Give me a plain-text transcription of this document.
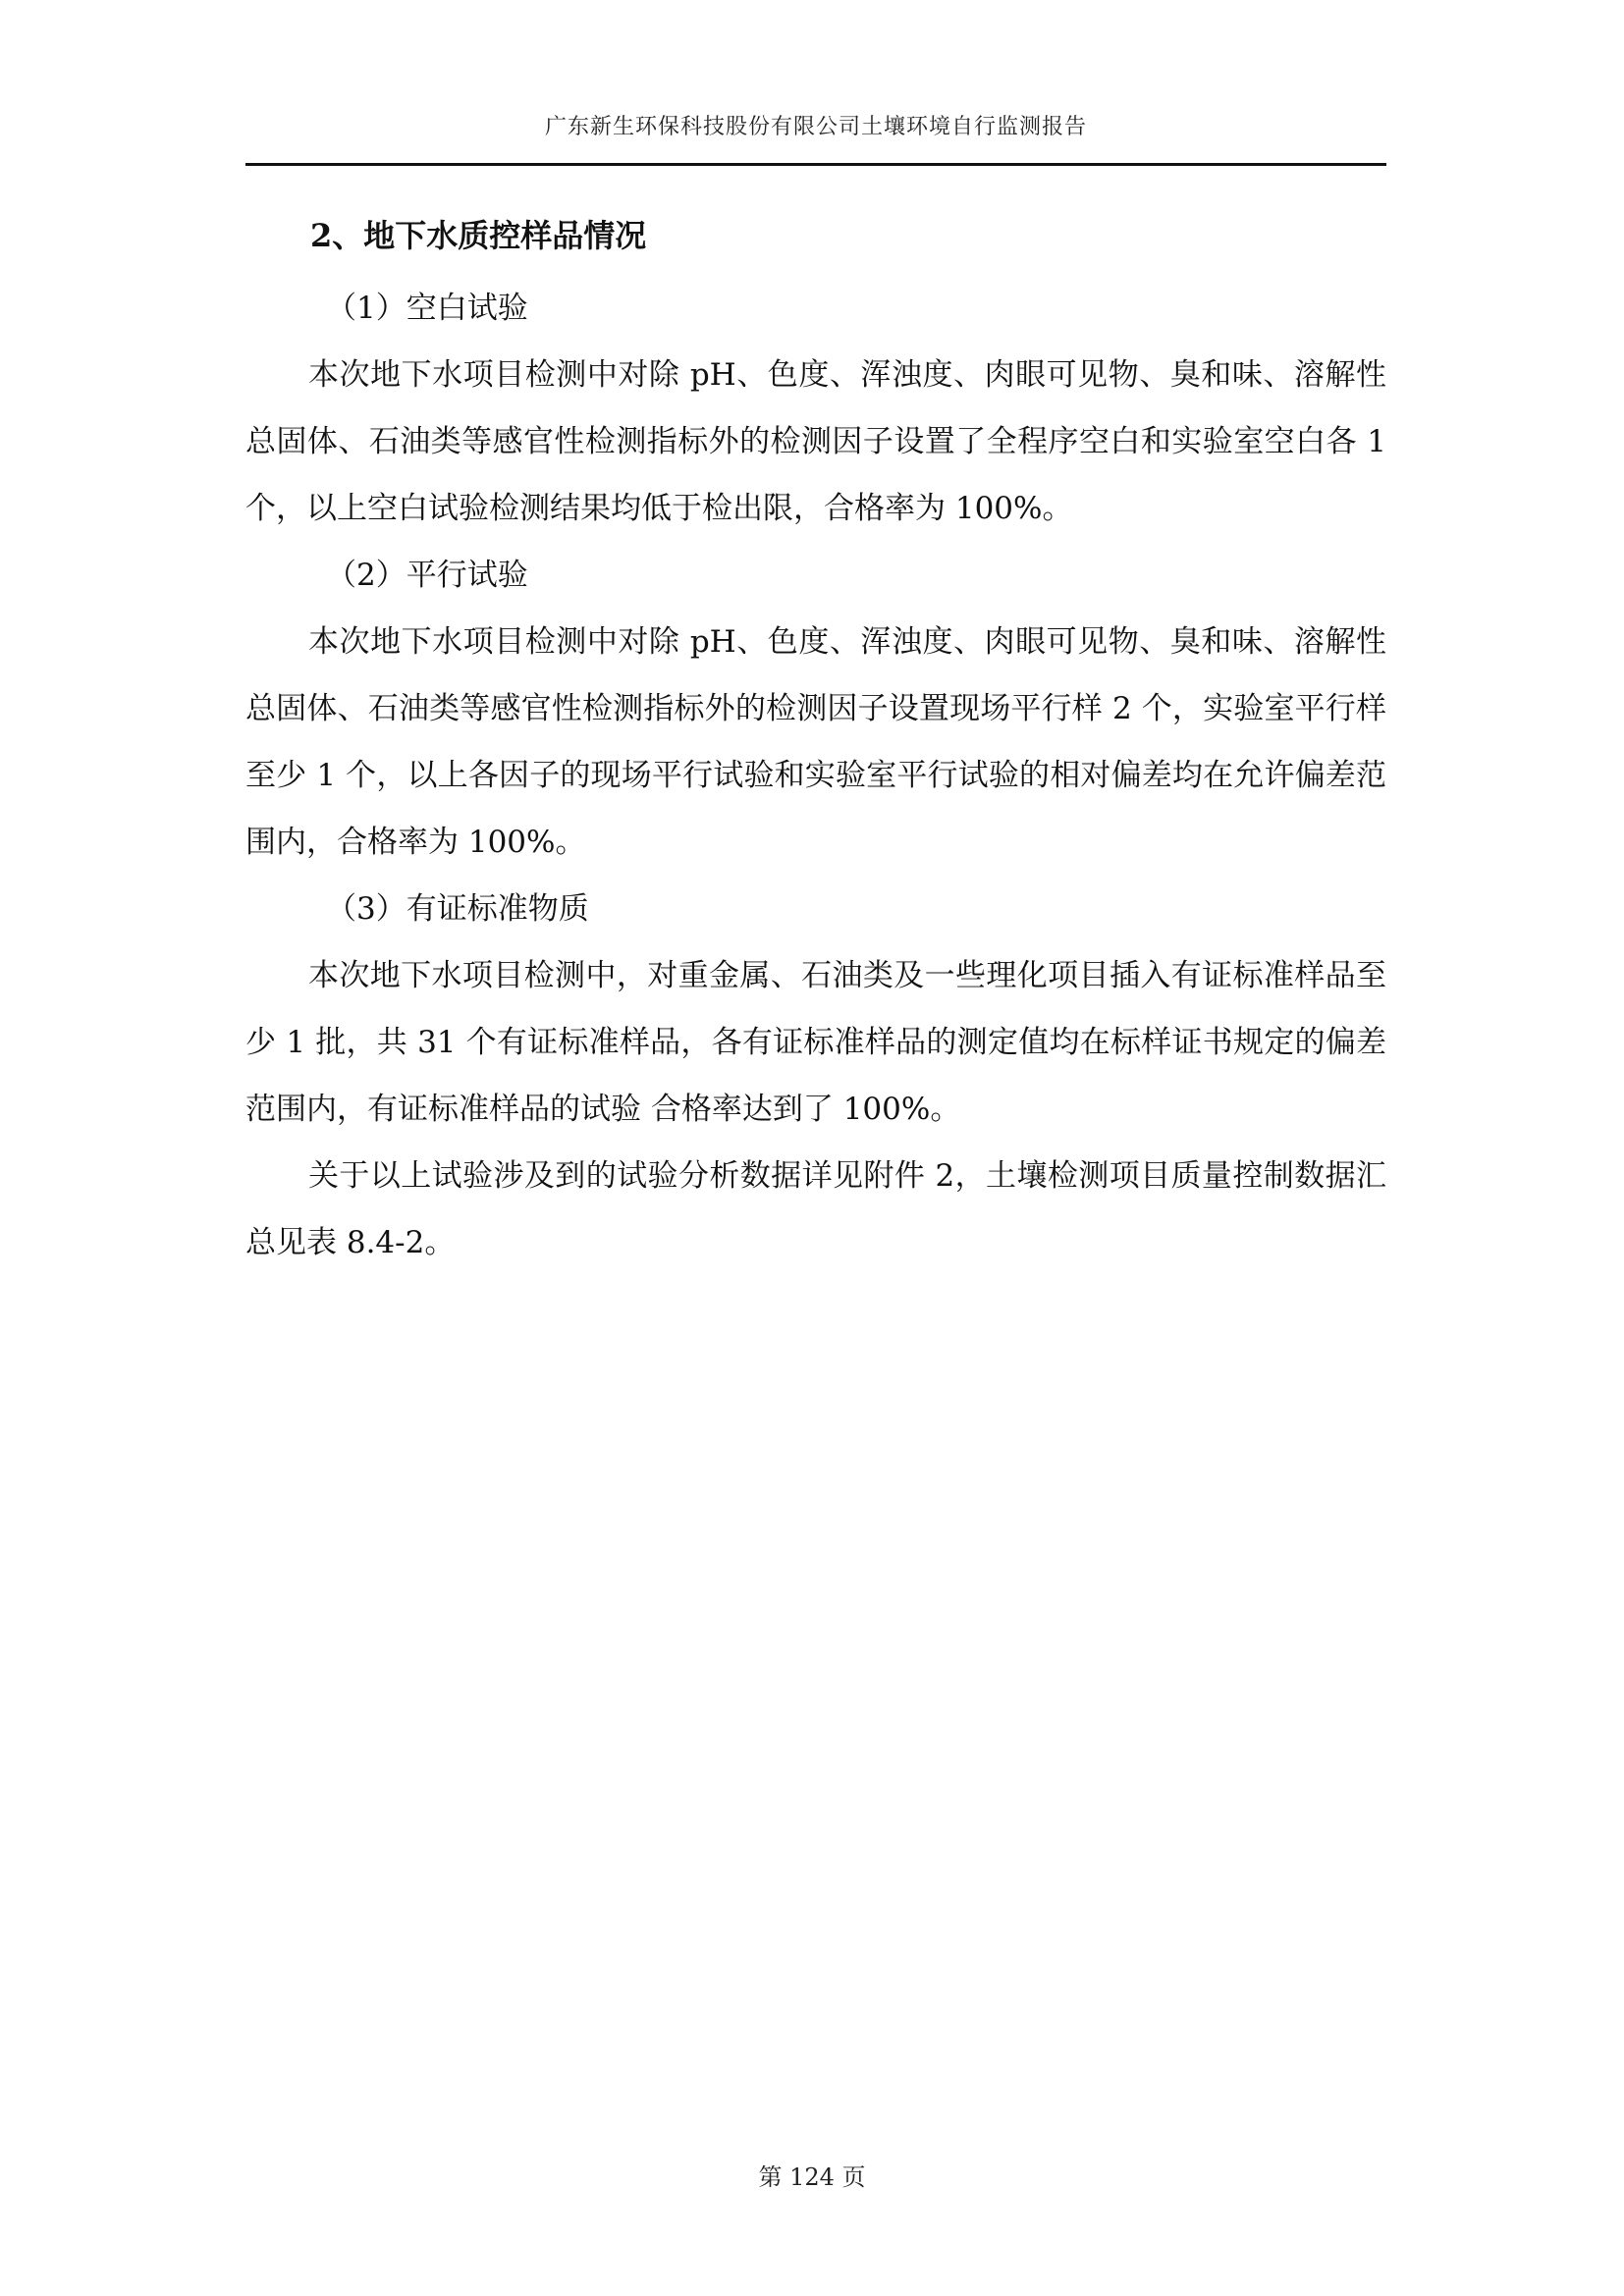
广东新生环保科技股份有限公司土壤环境自行监测报告

2、地下水质控样品情况

（1）空白试验

本次地下水项目检测中对除 pH、色度、浑浊度、肉眼可见物、臭和味、溶解性总固体、石油类等感官性检测指标外的检测因子设置了全程序空白和实验室空白各 1 个，以上空白试验检测结果均低于检出限，合格率为 100%。

（2）平行试验

本次地下水项目检测中对除 pH、色度、浑浊度、肉眼可见物、臭和味、溶解性总固体、石油类等感官性检测指标外的检测因子设置现场平行样 2 个，实验室平行样至少 1 个，以上各因子的现场平行试验和实验室平行试验的相对偏差均在允许偏差范围内，合格率为 100%。

（3）有证标准物质

本次地下水项目检测中，对重金属、石油类及一些理化项目插入有证标准样品至少 1 批，共 31 个有证标准样品，各有证标准样品的测定值均在标样证书规定的偏差范围内，有证标准样品的试验 合格率达到了 100%。

关于以上试验涉及到的试验分析数据详见附件 2，土壤检测项目质量控制数据汇总见表 8.4-2。

第 124 页
